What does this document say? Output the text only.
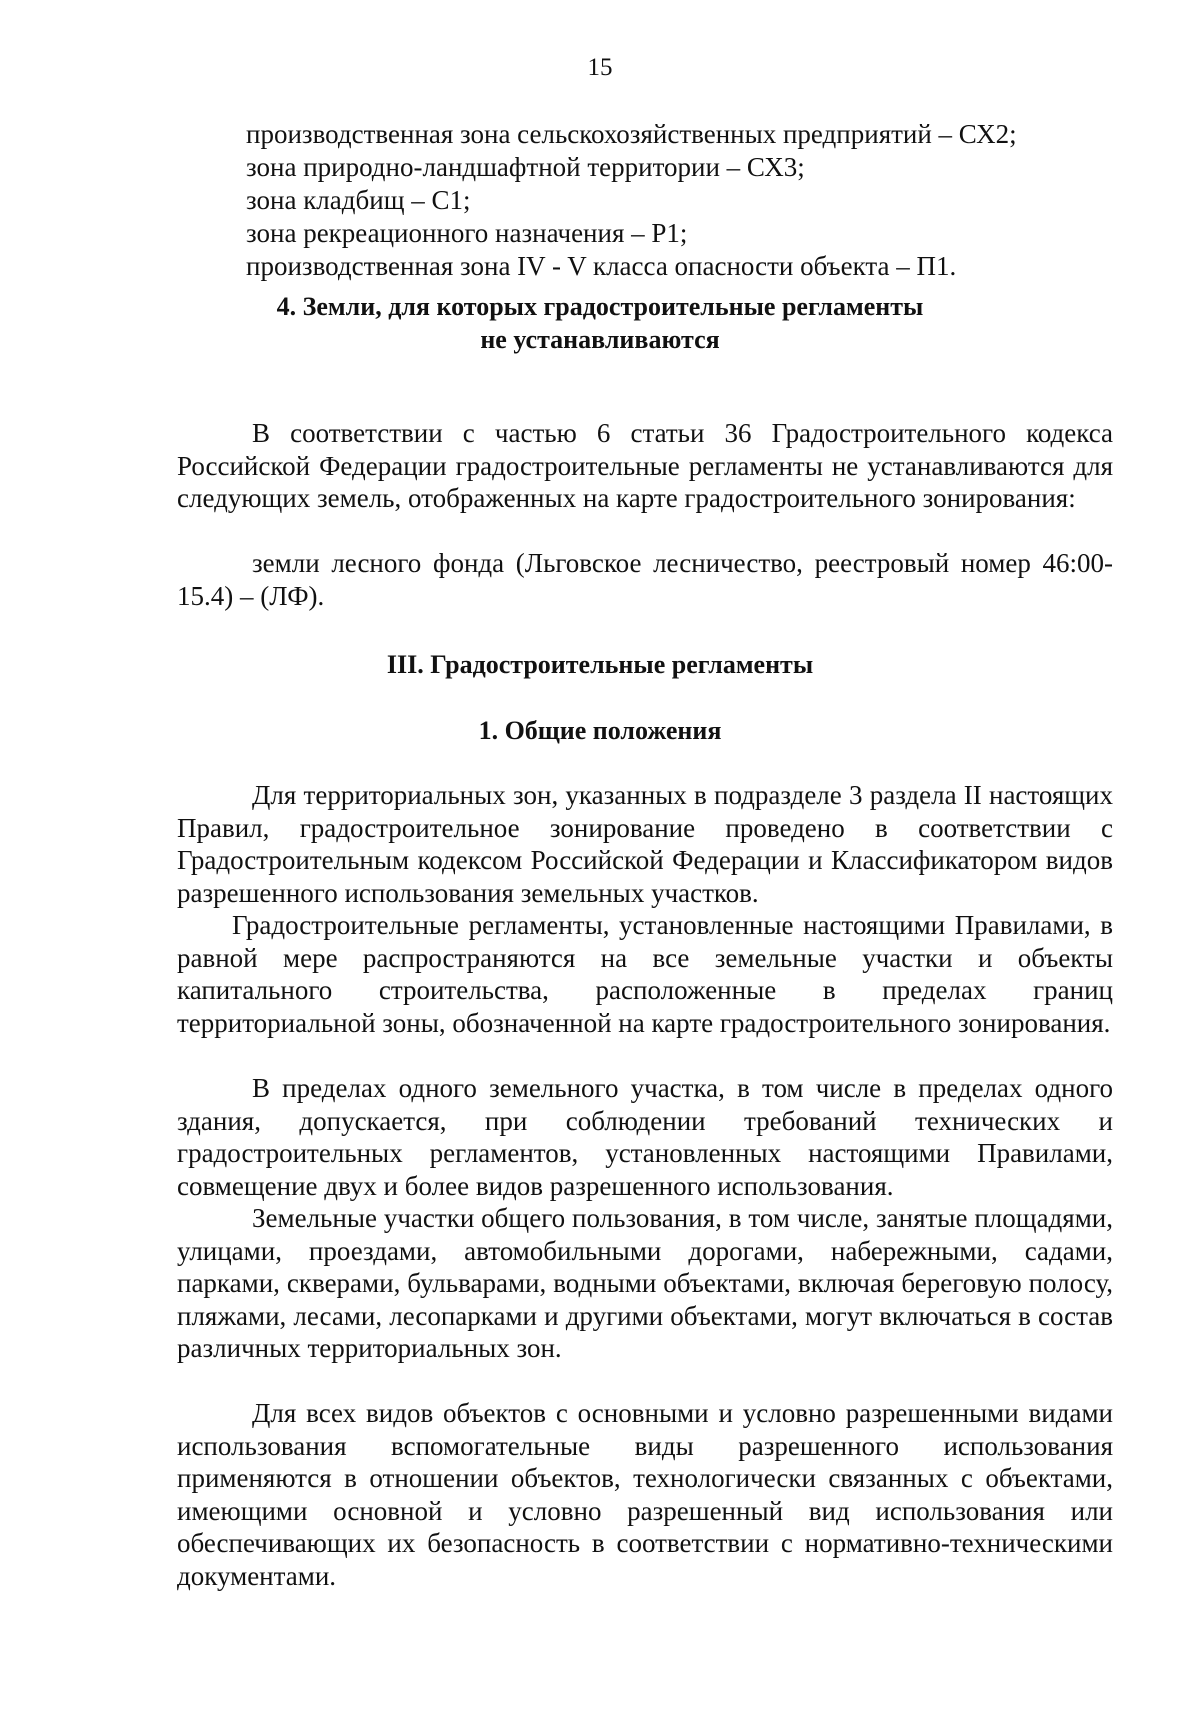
15
производственная зона сельскохозяйственных предприятий – СХ2;
зона природно-ландшафтной территории – СХ3;
зона кладбищ – С1;
зона рекреационного назначения – Р1;
производственная зона IV - V класса опасности объекта – П1.
4. Земли, для которых градостроительные регламенты
не устанавливаются

В соответствии с частью 6 статьи 36 Градостроительного кодекса Российской Федерации градостроительные регламенты не устанавливаются для следующих земель, отображенных на карте градостроительного зонирования:

земли лесного фонда (Льговское лесничество, реестровый номер 46:00-15.4) – (ЛФ).

III. Градостроительные регламенты
1. Общие положения

Для территориальных зон, указанных в подразделе 3 раздела II настоящих Правил, градостроительное зонирование проведено в соответствии с Градостроительным кодексом Российской Федерации и Классификатором видов разрешенного использования земельных участков.

Градостроительные регламенты, установленные настоящими Правилами, в равной мере распространяются на все земельные участки и объекты капитального строительства, расположенные в пределах границ территориальной зоны, обозначенной на карте градостроительного зонирования.

В пределах одного земельного участка, в том числе в пределах одного здания, допускается, при соблюдении требований технических и градостроительных регламентов, установленных настоящими Правилами, совмещение двух и более видов разрешенного использования.

Земельные участки общего пользования, в том числе, занятые площадями, улицами, проездами, автомобильными дорогами, набережными, садами, парками, скверами, бульварами, водными объектами, включая береговую полосу, пляжами, лесами, лесопарками и другими объектами, могут включаться в состав различных территориальных зон.

Для всех видов объектов с основными и условно разрешенными видами использования вспомогательные виды разрешенного использования применяются в отношении объектов, технологически связанных с объектами, имеющими основной и условно разрешенный вид использования или обеспечивающих их безопасность в соответствии с нормативно-техническими документами.
